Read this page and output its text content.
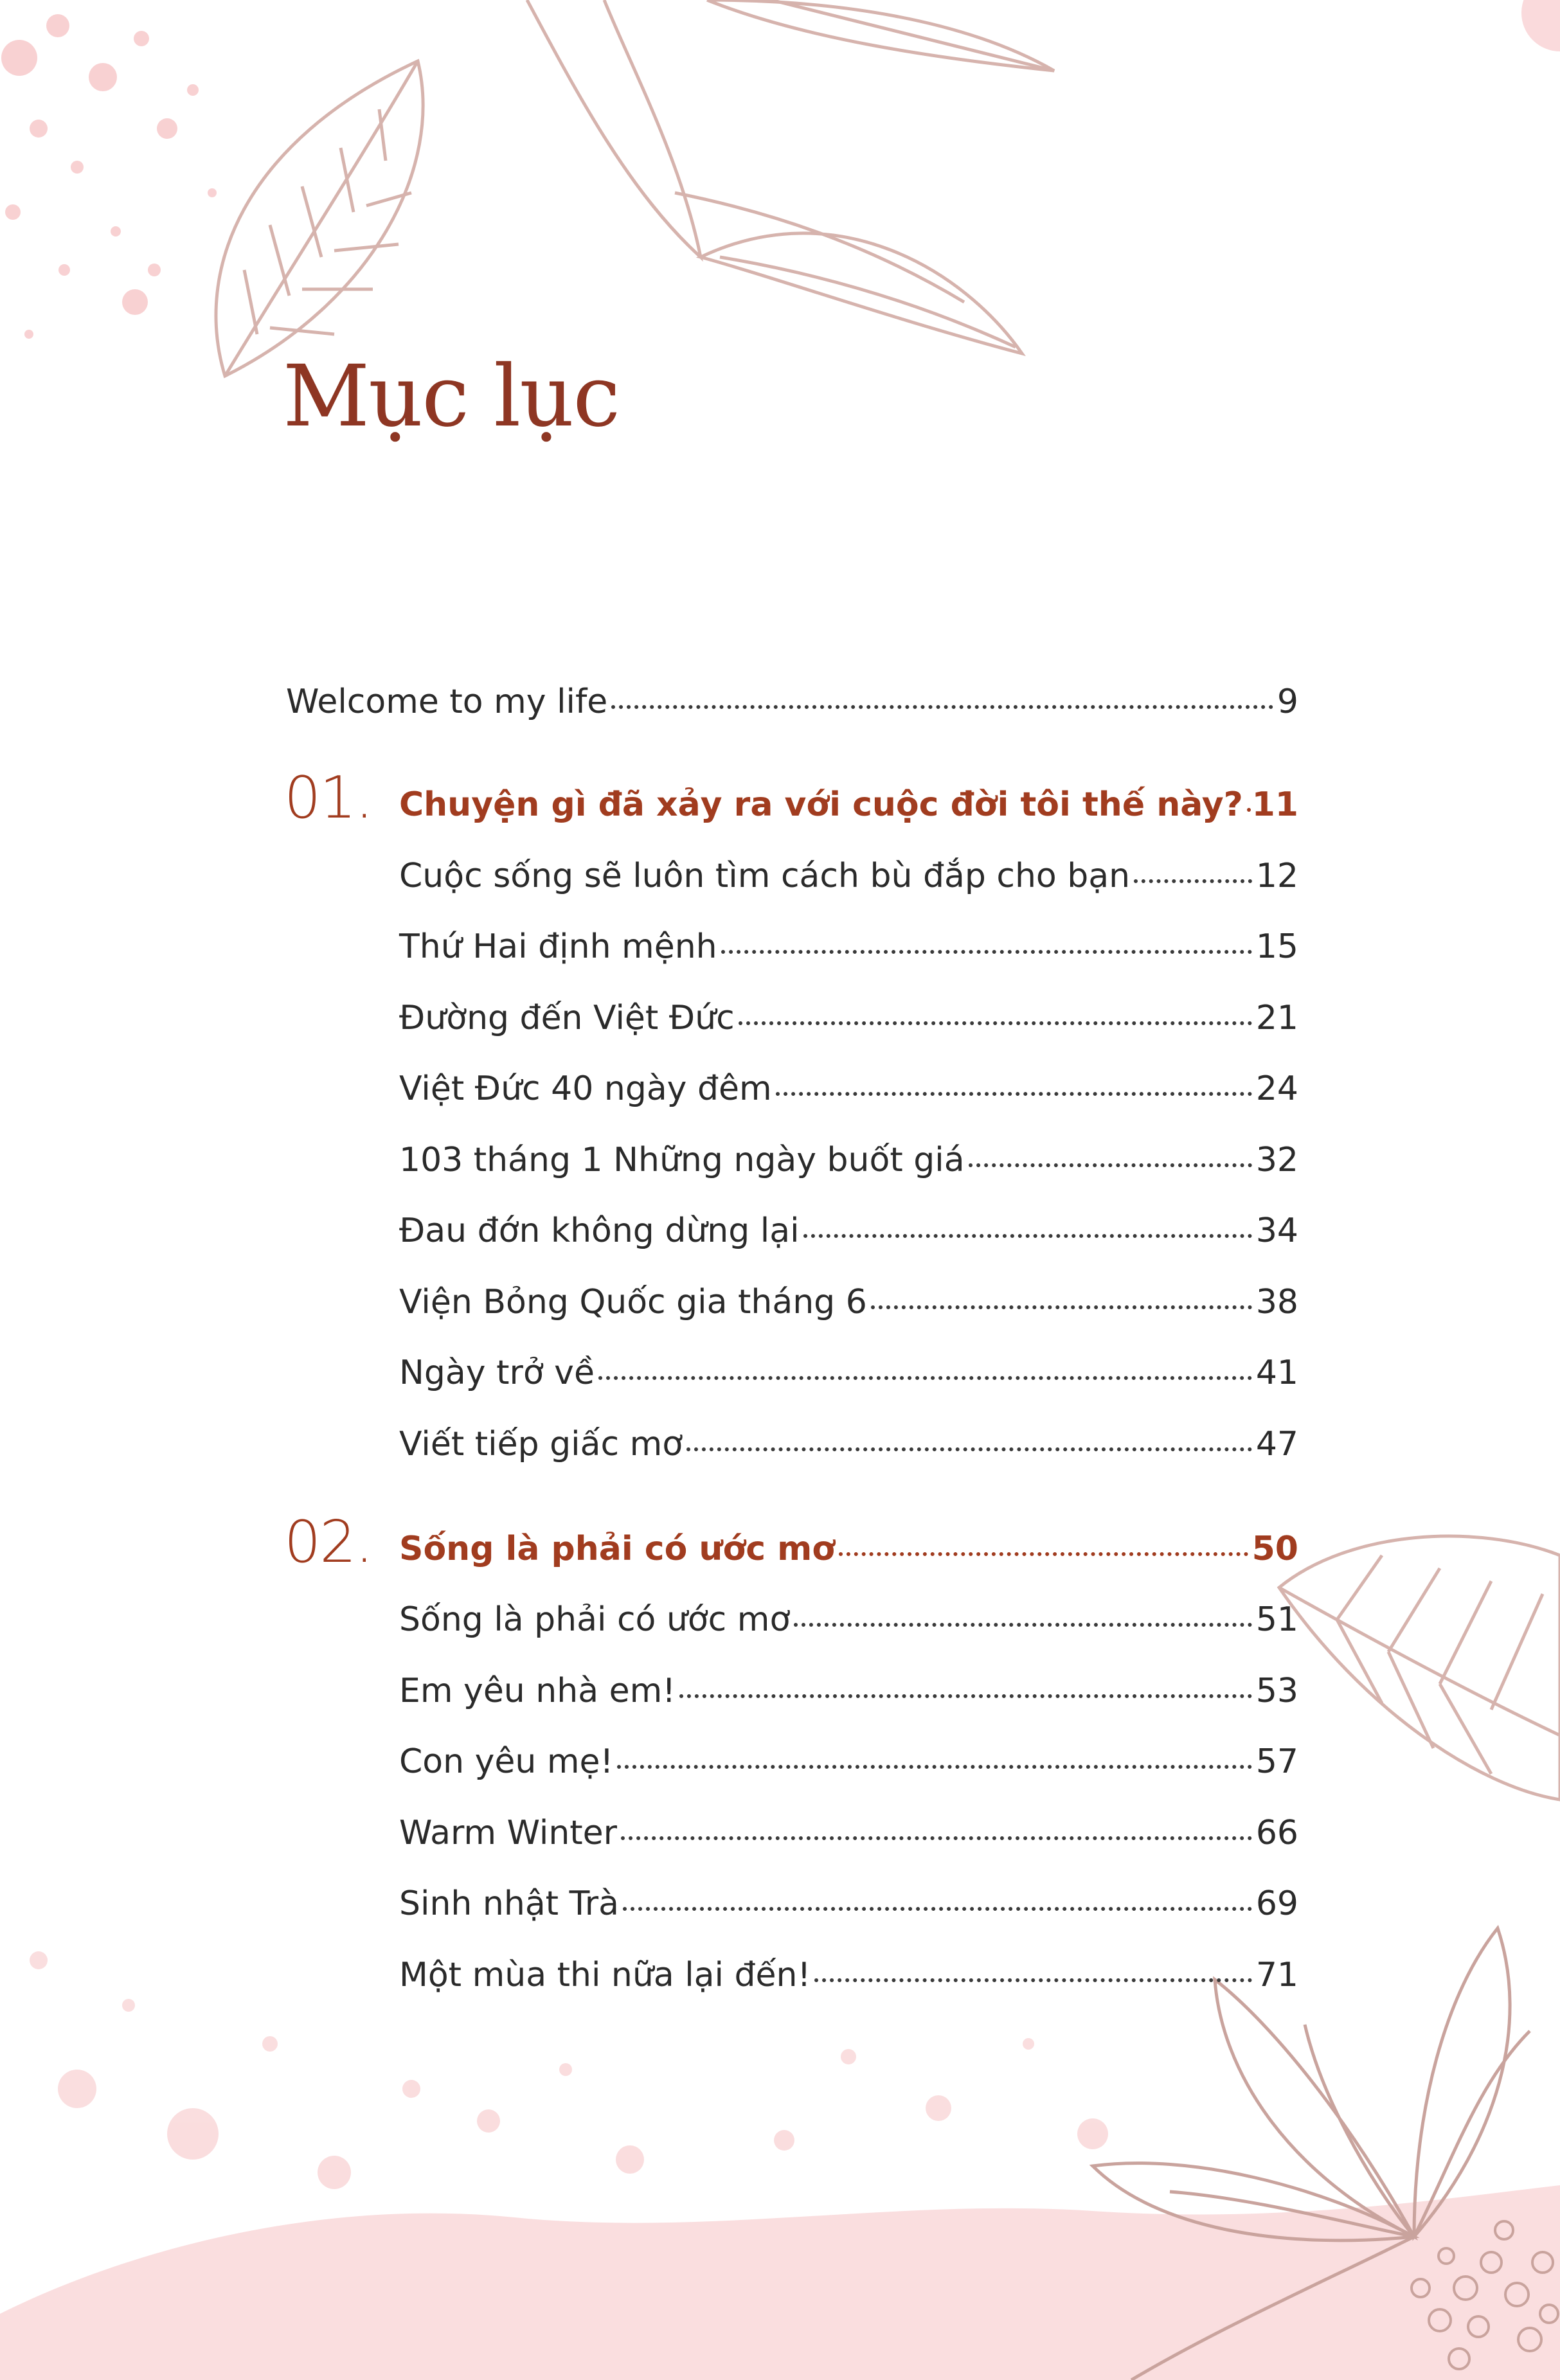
Mục lục
Welcome to my life	9
01. Chuyện gì đã xảy ra với cuộc đời tôi thế này? 11
Cuộc sống sẽ luôn tìm cách bù đắp cho bạn	12
Thứ Hai định mệnh	15
Đường đến Việt Đức	21
Việt Đức 40 ngày đêm	24
103 tháng 1 Những ngày buốt giá	32
Đau đớn không dừng lại	34
Viện Bỏng Quốc gia tháng 6	38
Ngày trở về	41
Viết tiếp giấc mơ	47
02. Sống là phải có ước mơ	50
Sống là phải có ước mơ	51
Em yêu nhà em!	53
Con yêu mẹ!	57
Warm Winter	66
Sinh nhật Trà	69
Một mùa thi nữa lại đến!	71
